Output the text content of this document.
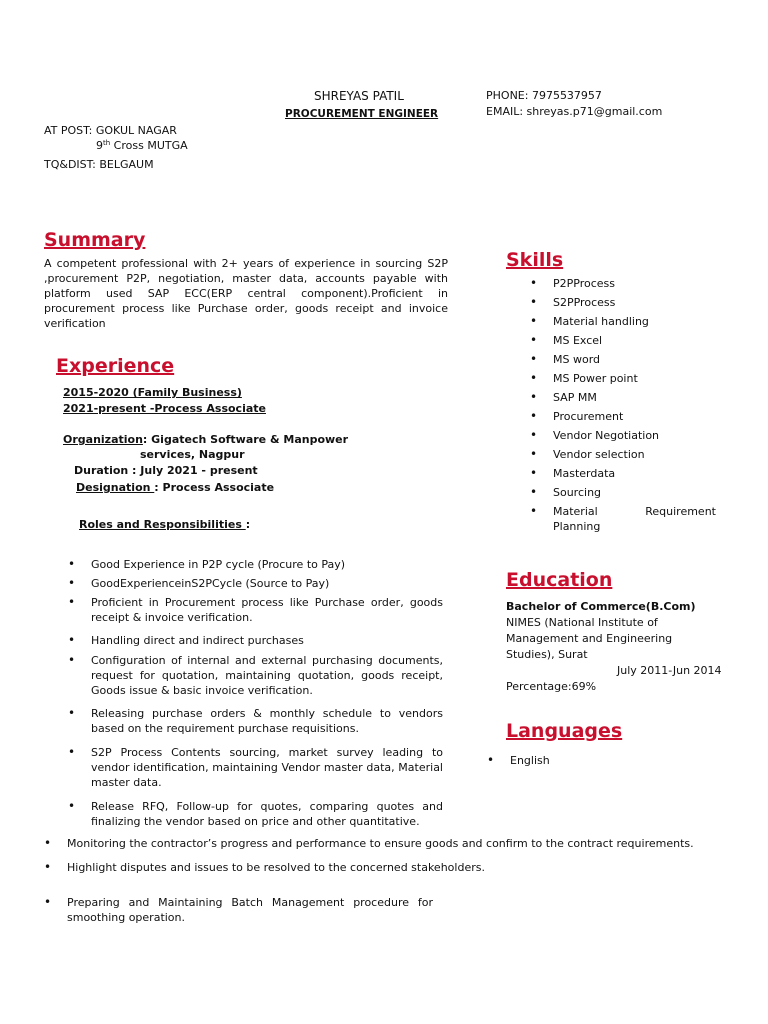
SHREYAS PATIL
PROCUREMENT ENGINEER
PHONE: 7975537957
EMAIL: shreyas.p71@gmail.com
AT POST: GOKUL NAGAR
9th Cross MUTGA
TQ&DIST: BELGAUM
Summary
A competent professional with 2+ years of experience in sourcing S2P ,procurement P2P, negotiation, master data, accounts payable with platform used SAP ECC(ERP central component).Proficient in procurement process like Purchase order, goods receipt and invoice verification
Experience
2015-2020 (Family Business)
2021-present -Process Associate
Organization: Gigatech Software & Manpower
services, Nagpur
Duration : July 2021 - present
Designation : Process Associate
Roles and Responsibilities :
• Good Experience in P2P cycle (Procure to Pay)
• GoodExperienceinS2PCycle (Source to Pay)
• Proficient in Procurement process like Purchase order, goods receipt & invoice verification.
• Handling direct and indirect purchases
• Configuration of internal and external purchasing documents, request for quotation, maintaining quotation, goods receipt, Goods issue & basic invoice verification.
• Releasing purchase orders & monthly schedule to vendors based on the requirement purchase requisitions.
• S2P Process Contents sourcing, market survey leading to vendor identification, maintaining Vendor master data, Material master data.
• Release RFQ, Follow-up for quotes, comparing quotes and finalizing the vendor based on price and other quantitative.
• Monitoring the contractor’s progress and performance to ensure goods and confirm to the contract requirements.
• Highlight disputes and issues to be resolved to the concerned stakeholders.
• Preparing and Maintaining Batch Management procedure for smoothing operation.
Skills
• P2PProcess
• S2PProcess
• Material handling
• MS Excel
• MS word
• MS Power point
• SAP MM
• Procurement
• Vendor Negotiation
• Vendor selection
• Masterdata
• Sourcing
• Material Requirement Planning
Education
Bachelor of Commerce(B.Com)
NIMES (National Institute of Management and Engineering Studies), Surat
July 2011-Jun 2014
Percentage:69%
Languages
• English
